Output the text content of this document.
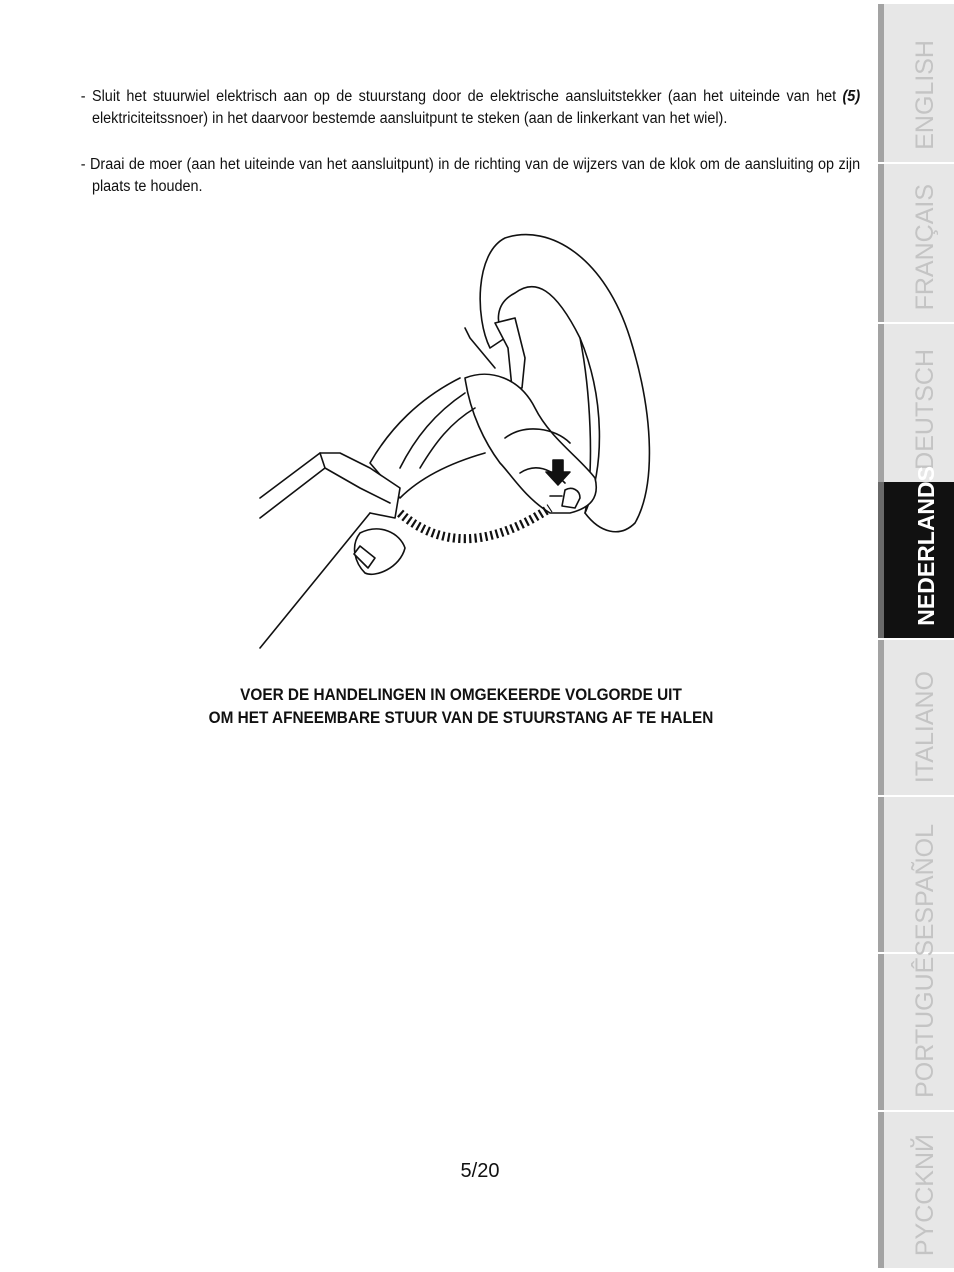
- Sluit het stuurwiel elektrisch aan op de stuurstang door de elektrische aansluitstekker (aan het uiteinde van het (5) elektriciteitssnoer) in het daarvoor bestemde aansluitpunt te steken (aan de linkerkant van het wiel).

- Draai de moer (aan het uiteinde van het aansluitpunt) in de richting van de wijzers van de klok om de aansluiting op zijn plaats te houden.

VOER DE HANDELINGEN IN OMGEKEERDE VOLGORDE UIT
OM HET AFNEEMBARE STUUR VAN DE STUURSTANG AF TE HALEN
5/20
ENGLISH
FRANÇAIS
DEUTSCH
NEDERLANDS
ITALIANO
ESPAÑOL
PORTUGUÊS
PYCCKNЙ
